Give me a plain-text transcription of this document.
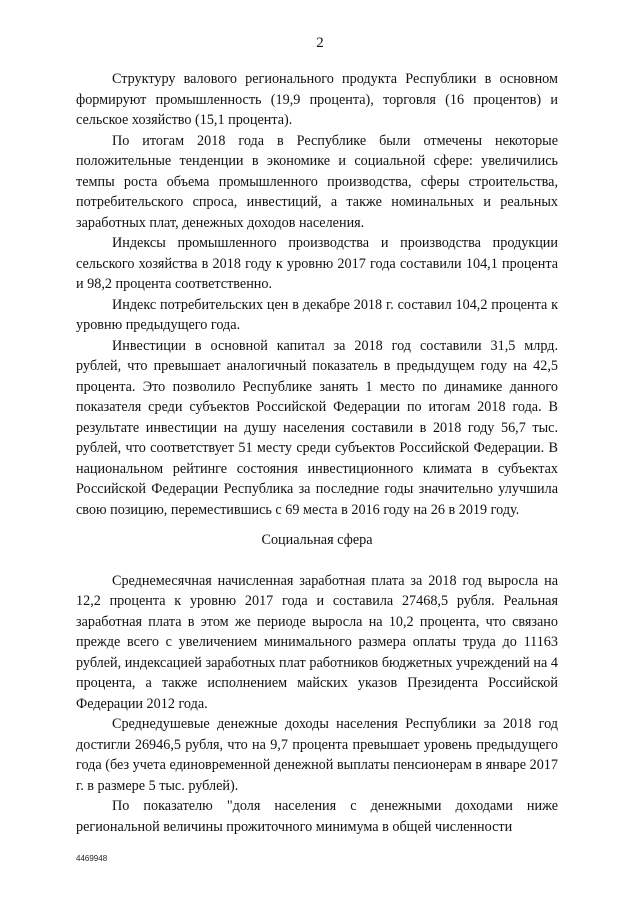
2

Структуру валового регионального продукта Республики в основном формируют промышленность (19,9 процента), торговля (16 процентов) и сельское хозяйство (15,1 процента).

По итогам 2018 года в Республике были отмечены некоторые положительные тенденции в экономике и социальной сфере: увеличились темпы роста объема промышленного производства, сферы строительства, потребительского спроса, инвестиций, а также номинальных и реальных заработных плат, денежных доходов населения.

Индексы промышленного производства и производства продукции сельского хозяйства в 2018 году к уровню 2017 года составили 104,1 процента и 98,2 процента соответственно.

Индекс потребительских цен в декабре 2018 г. составил 104,2 процента к уровню предыдущего года.

Инвестиции в основной капитал за 2018 год составили 31,5 млрд. рублей, что превышает аналогичный показатель в предыдущем году на 42,5 процента. Это позволило Республике занять 1 место по динамике данного показателя среди субъектов Российской Федерации по итогам 2018 года. В результате инвестиции на душу населения составили в 2018 году 56,7 тыс. рублей, что соответствует 51 месту среди субъектов Российской Федерации. В национальном рейтинге состояния инвестиционного климата в субъектах Российской Федерации Республика за последние годы значительно улучшила свою позицию, переместившись с 69 места в 2016 году на 26 в 2019 году.

Социальная сфера

Среднемесячная начисленная заработная плата за 2018 год выросла на 12,2 процента к уровню 2017 года и составила 27468,5 рубля. Реальная заработная плата в этом же периоде выросла на 10,2 процента, что связано прежде всего с увеличением минимального размера оплаты труда до 11163 рублей, индексацией заработных плат работников бюджетных учреждений на 4 процента, а также исполнением майских указов Президента Российской Федерации 2012 года.

Среднедушевые денежные доходы населения Республики за 2018 год достигли 26946,5 рубля, что на 9,7 процента превышает уровень предыдущего года (без учета единовременной денежной выплаты пенсионерам в январе 2017 г. в размере 5 тыс. рублей).

По показателю "доля населения с денежными доходами ниже региональной величины прожиточного минимума в общей численности

4469948
